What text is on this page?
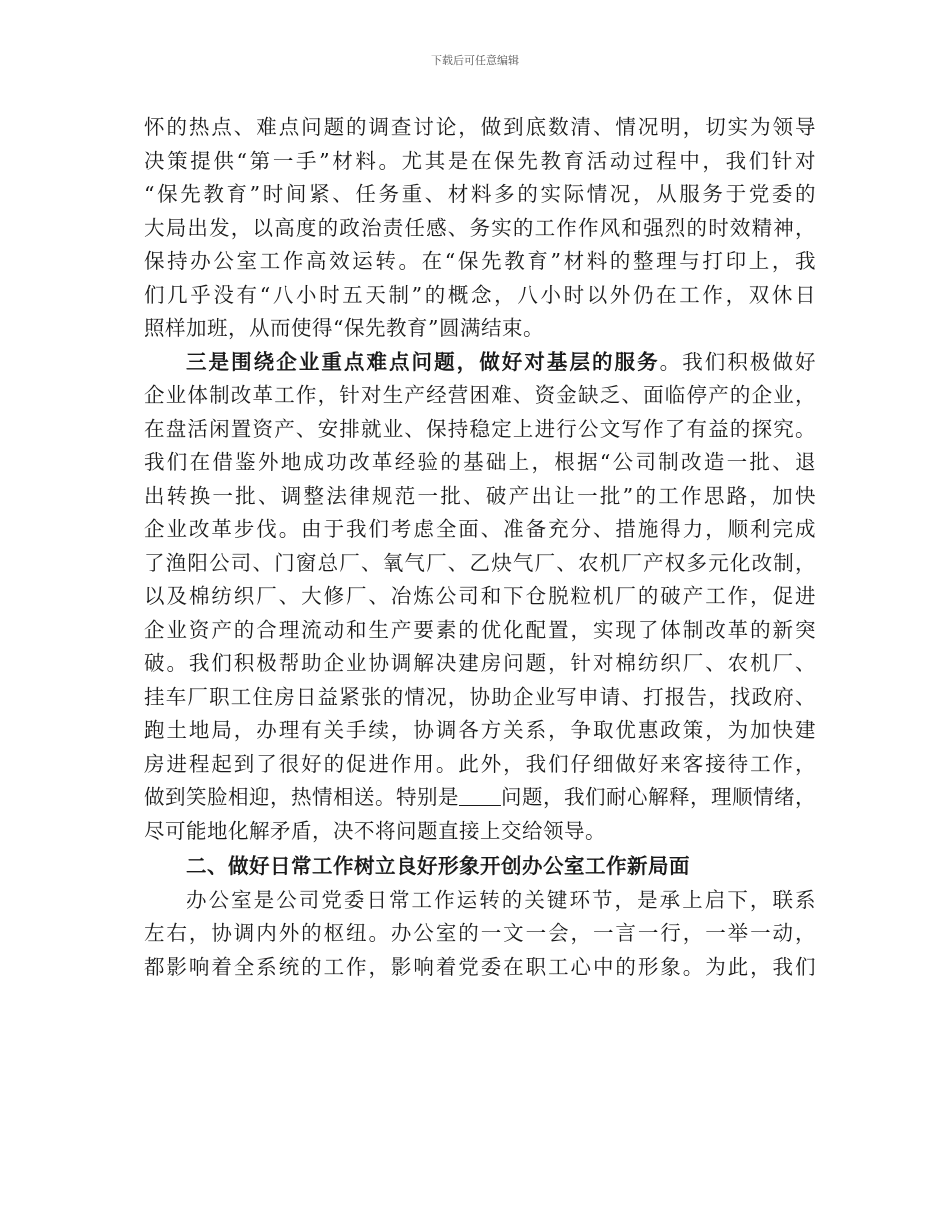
下载后可任意编辑
怀的热点、难点问题的调查讨论，做到底数清、情况明，切实为领导
决策提供“第一手”材料。尤其是在保先教育活动过程中，我们针对
“保先教育”时间紧、任务重、材料多的实际情况，从服务于党委的
大局出发，以高度的政治责任感、务实的工作作风和强烈的时效精神，
保持办公室工作高效运转。在“保先教育”材料的整理与打印上，我
们几乎没有“八小时五天制”的概念，八小时以外仍在工作，双休日
照样加班，从而使得“保先教育”圆满结束。
三是围绕企业重点难点问题，做好对基层的服务。我们积极做好
企业体制改革工作，针对生产经营困难、资金缺乏、面临停产的企业，
在盘活闲置资产、安排就业、保持稳定上进行公文写作了有益的探究。
我们在借鉴外地成功改革经验的基础上，根据“公司制改造一批、退
出转换一批、调整法律规范一批、破产出让一批”的工作思路，加快
企业改革步伐。由于我们考虑全面、准备充分、措施得力，顺利完成
了渔阳公司、门窗总厂、氧气厂、乙炔气厂、农机厂产权多元化改制，
以及棉纺织厂、大修厂、冶炼公司和下仓脱粒机厂的破产工作，促进
企业资产的合理流动和生产要素的优化配置，实现了体制改革的新突
破。我们积极帮助企业协调解决建房问题，针对棉纺织厂、农机厂、
挂车厂职工住房日益紧张的情况，协助企业写申请、打报告，找政府、
跑土地局，办理有关手续，协调各方关系，争取优惠政策，为加快建
房进程起到了很好的促进作用。此外，我们仔细做好来客接待工作，
做到笑脸相迎，热情相送。特别是 问题，我们耐心解释，理顺情绪，
尽可能地化解矛盾，决不将问题直接上交给领导。
二、做好日常工作树立良好形象开创办公室工作新局面
办公室是公司党委日常工作运转的关键环节，是承上启下，联系
左右，协调内外的枢纽。办公室的一文一会，一言一行，一举一动，
都影响着全系统的工作，影响着党委在职工心中的形象。为此，我们
